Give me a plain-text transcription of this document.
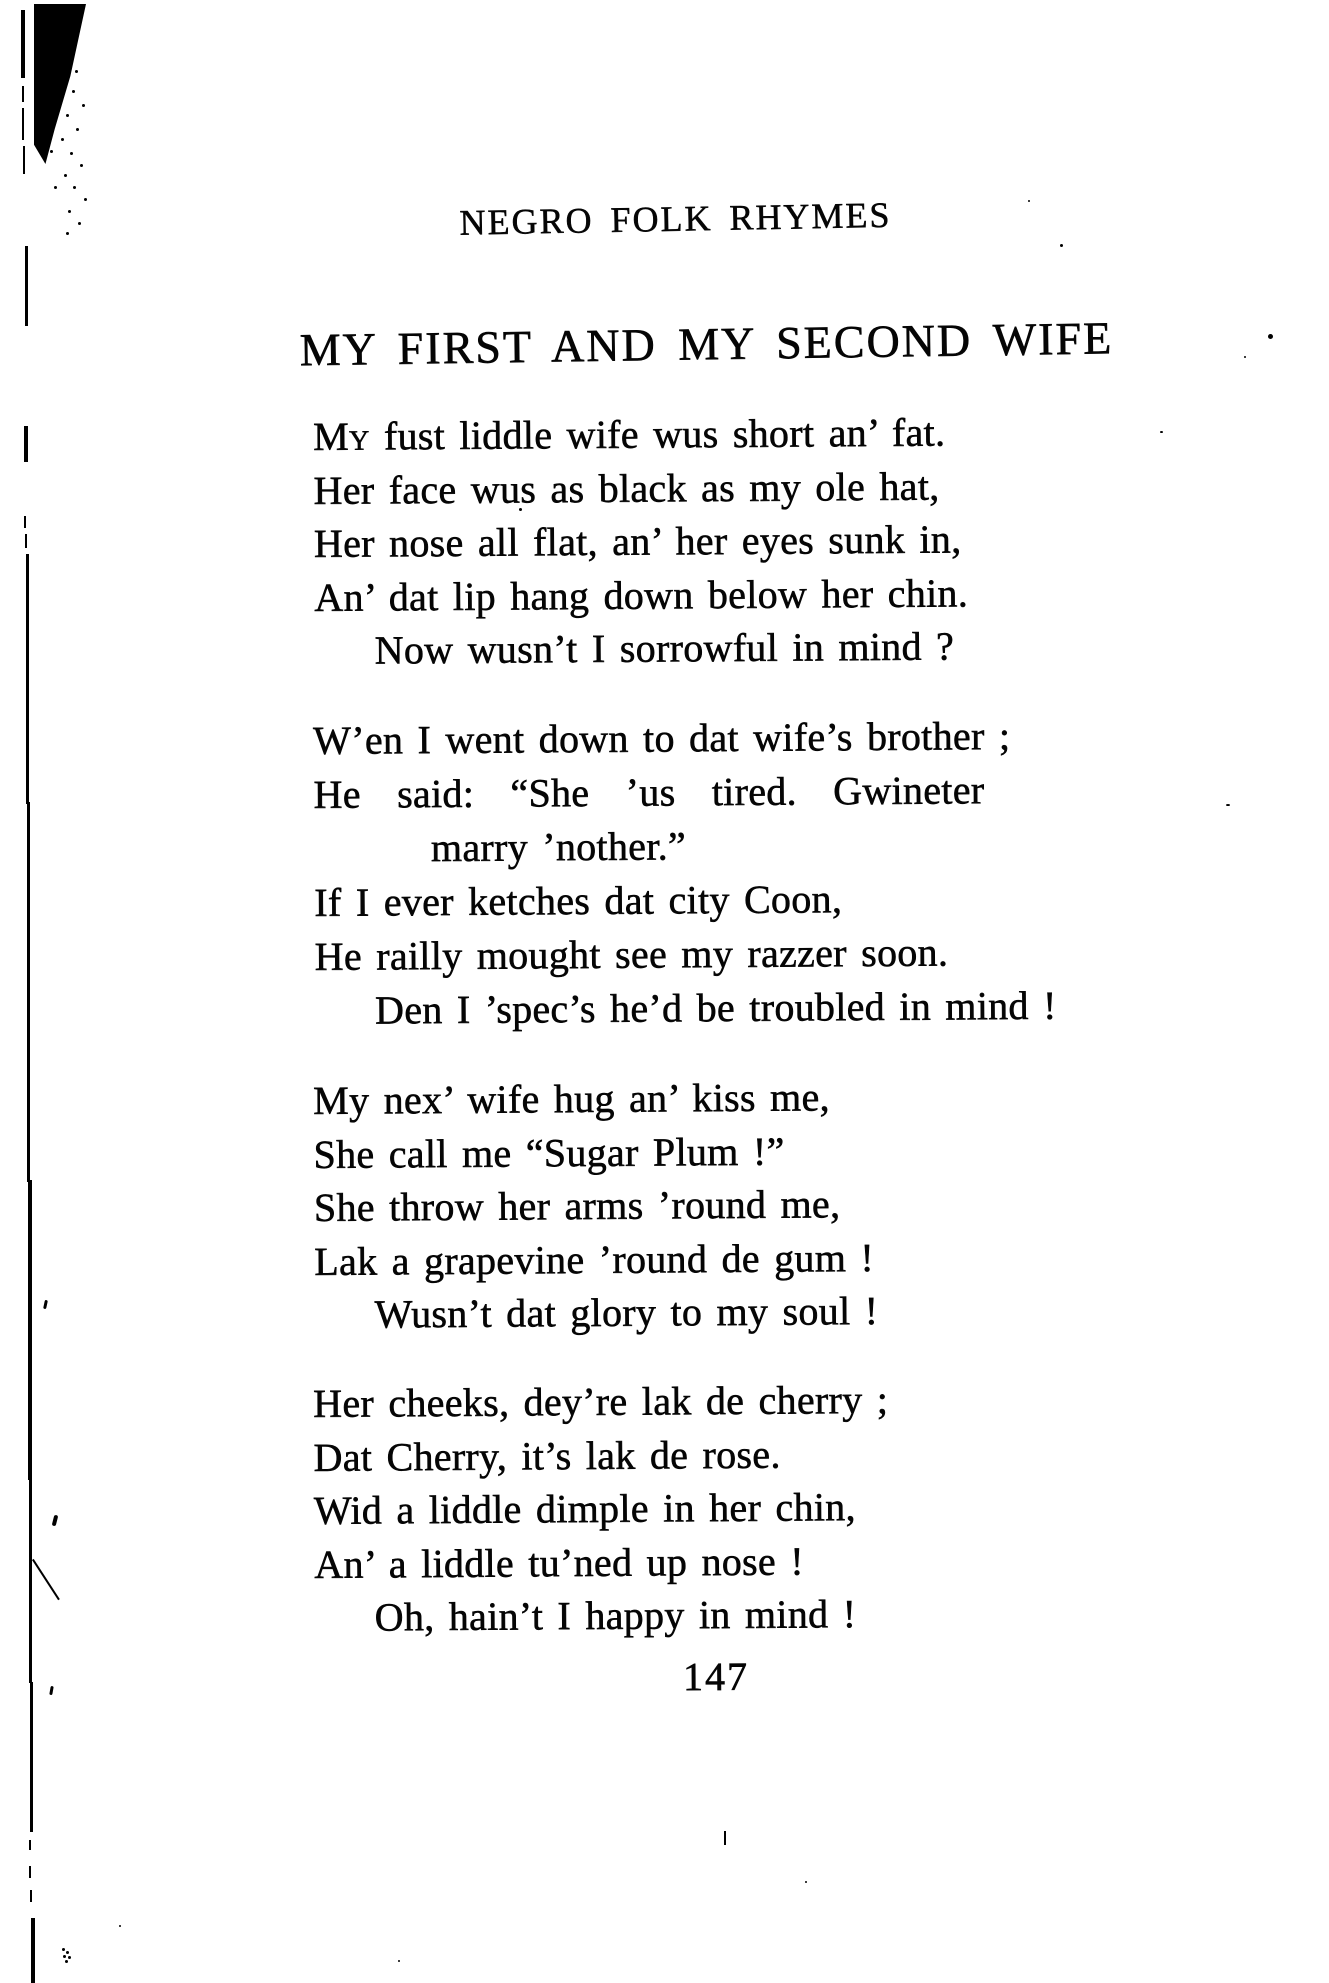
NEGRO FOLK RHYMES
MY FIRST AND MY SECOND WIFE
My fust liddle wife wus short an’ fat.
Her face wus as black as my ole hat,
Her nose all flat, an’ her eyes sunk in,
An’ dat lip hang down below her chin.
Now wusn’t I sorrowful in mind ?
W’en I went down to dat wife’s brother ;
He said: “She ’us tired. Gwineter
marry ’nother.”
If I ever ketches dat city Coon,
He railly mought see my razzer soon.
Den I ’spec’s he’d be troubled in mind !
My nex’ wife hug an’ kiss me,
She call me “Sugar Plum !”
She throw her arms ’round me,
Lak a grapevine ’round de gum !
Wusn’t dat glory to my soul !
Her cheeks, dey’re lak de cherry ;
Dat Cherry, it’s lak de rose.
Wid a liddle dimple in her chin,
An’ a liddle tu’ned up nose !
Oh, hain’t I happy in mind !
147
